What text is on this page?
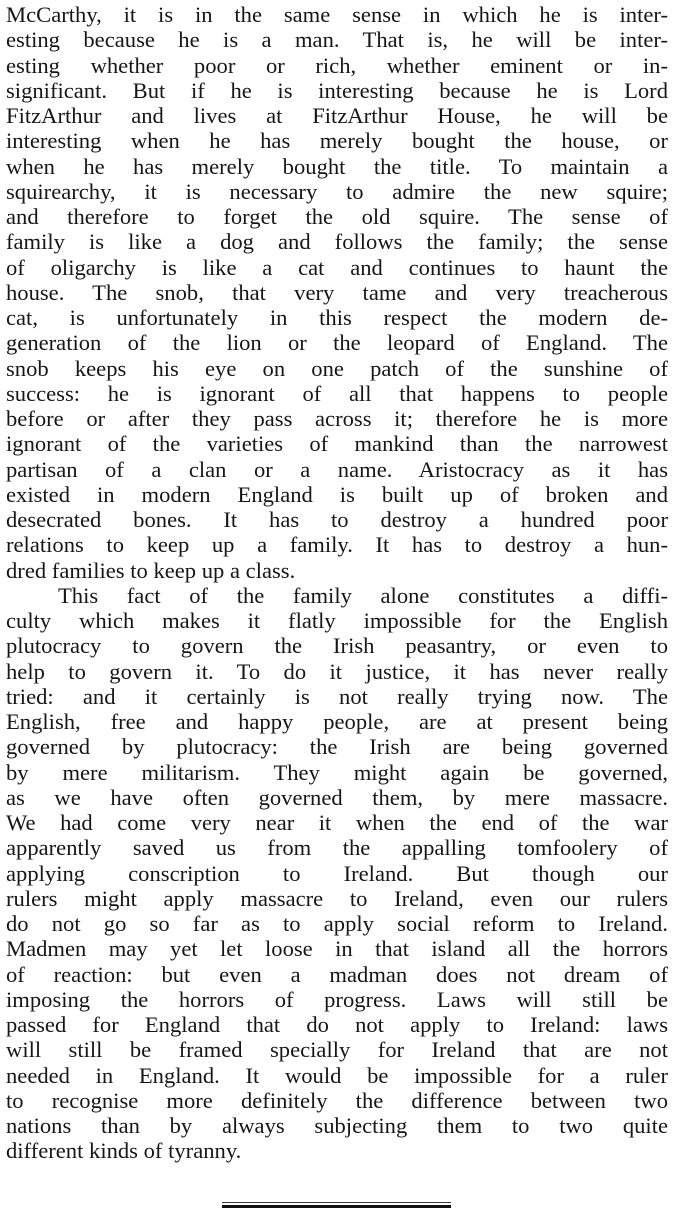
McCarthy, it is in the same sense in which he is inter-
esting because he is a man. That is, he will be inter-
esting whether poor or rich, whether eminent or in-
significant. But if he is interesting because he is Lord
FitzArthur and lives at FitzArthur House, he will be
interesting when he has merely bought the house, or
when he has merely bought the title. To maintain a
squirearchy, it is necessary to admire the new squire;
and therefore to forget the old squire. The sense of
family is like a dog and follows the family; the sense
of oligarchy is like a cat and continues to haunt the
house. The snob, that very tame and very treacherous
cat, is unfortunately in this respect the modern de-
generation of the lion or the leopard of England. The
snob keeps his eye on one patch of the sunshine of
success: he is ignorant of all that happens to people
before or after they pass across it; therefore he is more
ignorant of the varieties of mankind than the narrowest
partisan of a clan or a name. Aristocracy as it has
existed in modern England is built up of broken and
desecrated bones. It has to destroy a hundred poor
relations to keep up a family. It has to destroy a hun-
dred families to keep up a class.
This fact of the family alone constitutes a diffi-
culty which makes it flatly impossible for the English
plutocracy to govern the Irish peasantry, or even to
help to govern it. To do it justice, it has never really
tried: and it certainly is not really trying now. The
English, free and happy people, are at present being
governed by plutocracy: the Irish are being governed
by mere militarism. They might again be governed,
as we have often governed them, by mere massacre.
We had come very near it when the end of the war
apparently saved us from the appalling tomfoolery of
applying conscription to Ireland. But though our
rulers might apply massacre to Ireland, even our rulers
do not go so far as to apply social reform to Ireland.
Madmen may yet let loose in that island all the horrors
of reaction: but even a madman does not dream of
imposing the horrors of progress. Laws will still be
passed for England that do not apply to Ireland: laws
will still be framed specially for Ireland that are not
needed in England. It would be impossible for a ruler
to recognise more definitely the difference between two
nations than by always subjecting them to two quite
different kinds of tyranny.
